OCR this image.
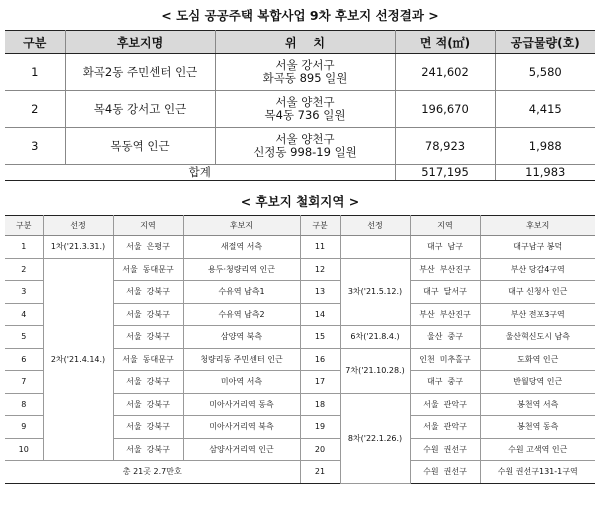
< 도심 공공주택 복합사업 9차 후보지 선정결과 >
구분	후보지명	위    치	면 적(㎡)	공급물량(호)
1	화곡2동 주민센터 인근	서울 강서구
화곡동 895 일원	241,602	5,580
2	목4동 강서고 인근	서울 양천구
목4동 736 일원	196,670	4,415
3	목동역 인근	서울 양천구
신정동 998-19 일원	78,923	1,988
합계			517,195	11,983
< 후보지 철회지역 >
구분	선정	지역	후보지	구분	선정	지역	후보지
1	1차('21.3.31.)	서울  은평구	새절역 서측	11		대구  남구	대구남구 봉덕
2	2차('21.4.14.)	서울  동대문구	용두·청량리역 인근	12	3차('21.5.12.)	부산  부산진구	부산 당감4구역
3		서울  강북구	수유역 남측1	13		대구  달서구	대구 신청사 인근
4		서울  강북구	수유역 남측2	14		부산  부산진구	부산 전포3구역
5		서울  강북구	삼양역 북측	15	6차('21.8.4.)	울산  중구	울산혁신도시 남측
6		서울  동대문구	청량리동 주민센터 인근	16	7차('21.10.28.)	인천  미추홀구	도화역 인근
7		서울  강북구	미아역 서측	17		대구  중구	반월당역 인근
8		서울  강북구	미아사거리역 동측	18	8차('22.1.26.)	서울  관악구	봉천역 서측
9		서울  강북구	미아사거리역 북측	19		서울  관악구	봉천역 동측
10		서울  강북구	삼양사거리역 인근	20		수원  권선구	수원 고색역 인근
총 21곳 2.7만호				21		수원  권선구	수원 권선구131-1구역
